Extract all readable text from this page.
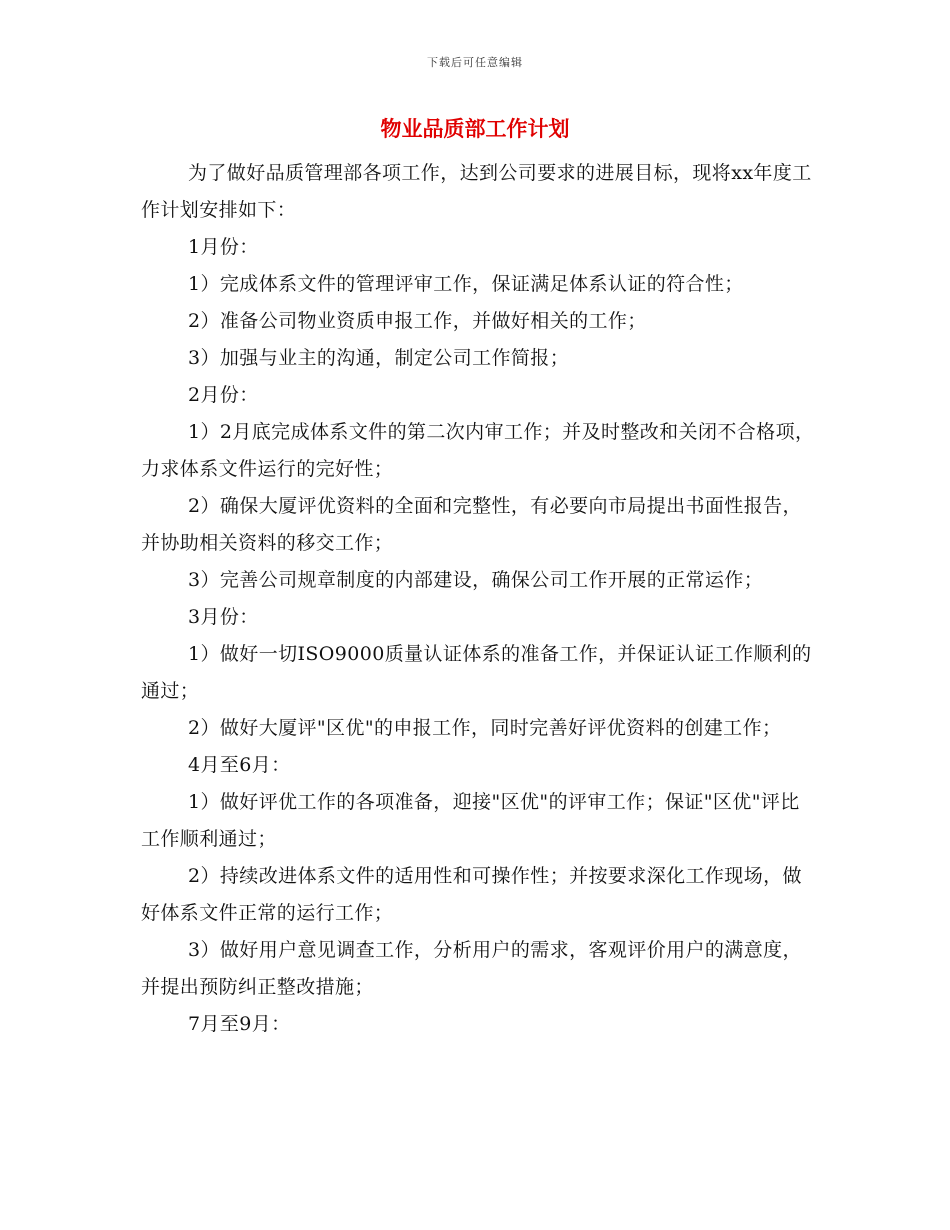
下载后可任意编辑
物业品质部工作计划

为了做好品质管理部各项工作，达到公司要求的进展目标，现将xx年度工作计划安排如下：

1月份：

1）完成体系文件的管理评审工作，保证满足体系认证的符合性；

2）准备公司物业资质申报工作，并做好相关的工作；

3）加强与业主的沟通，制定公司工作简报；

2月份：

1）2月底完成体系文件的第二次内审工作；并及时整改和关闭不合格项，力求体系文件运行的完好性；

2）确保大厦评优资料的全面和完整性，有必要向市局提出书面性报告，并协助相关资料的移交工作；

3）完善公司规章制度的内部建设，确保公司工作开展的正常运作；

3月份：

1）做好一切ISO9000质量认证体系的准备工作，并保证认证工作顺利的通过；

2）做好大厦评"区优"的申报工作，同时完善好评优资料的创建工作；

4月至6月：

1）做好评优工作的各项准备，迎接"区优"的评审工作；保证"区优"评比工作顺利通过；

2）持续改进体系文件的适用性和可操作性；并按要求深化工作现场，做好体系文件正常的运行工作；

3）做好用户意见调查工作，分析用户的需求，客观评价用户的满意度，并提出预防纠正整改措施；

7月至9月：
